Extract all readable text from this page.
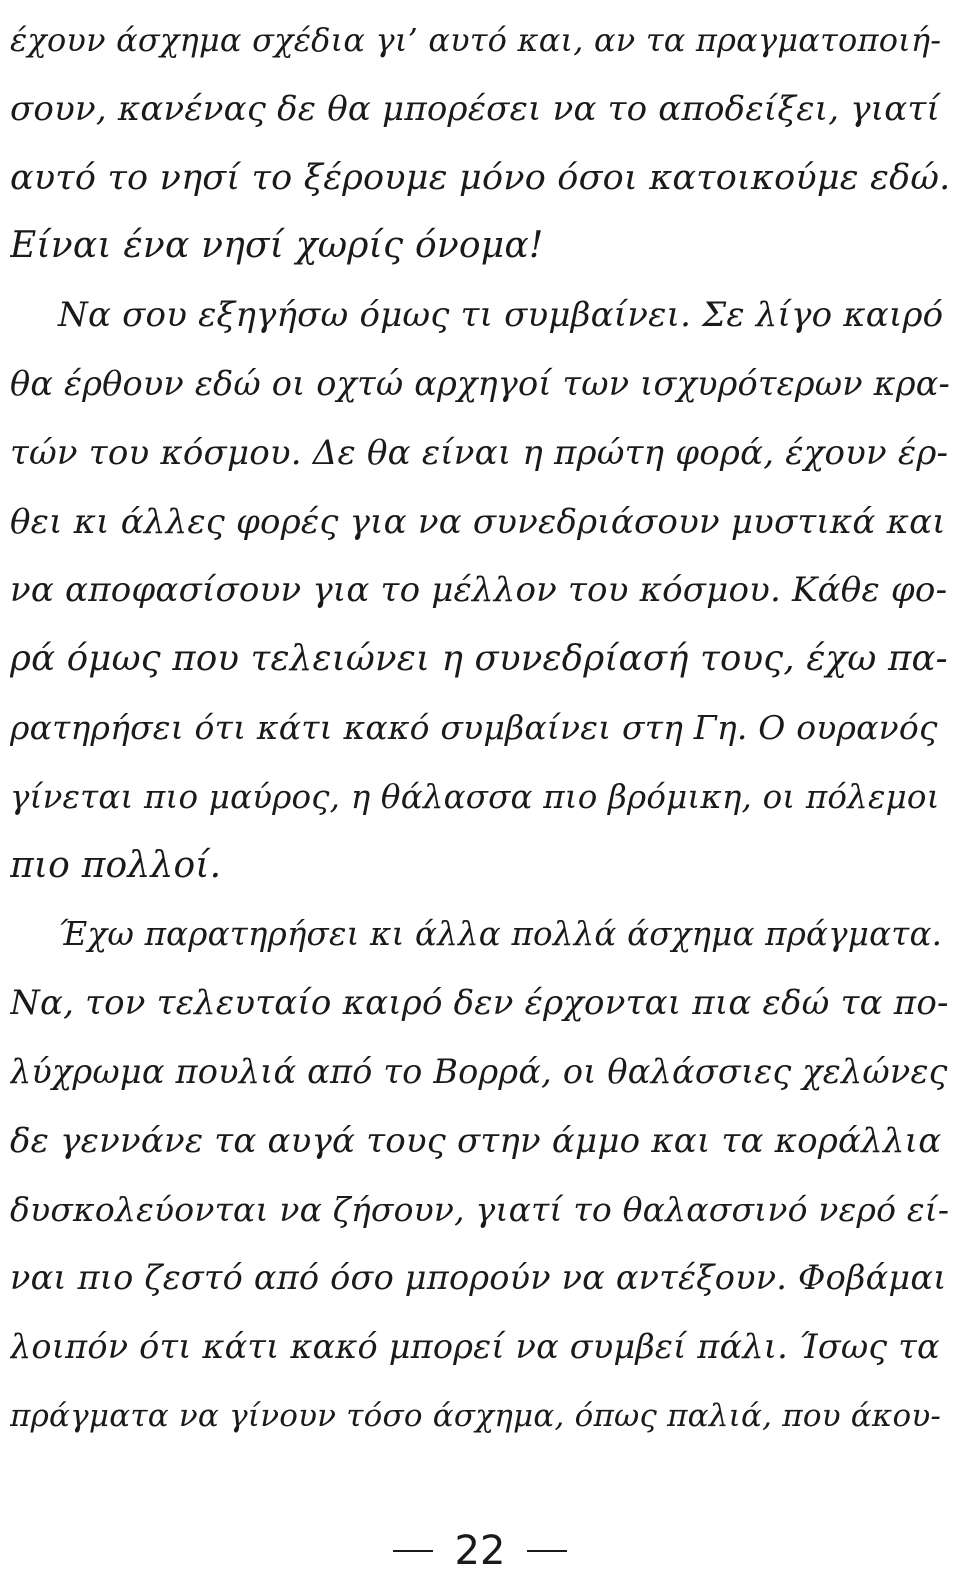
έχουν άσχημα σχέδια γι’ αυτό και, αν τα πραγματοποιή-
σουν, κανένας δε θα μπορέσει να το αποδείξει, γιατί
αυτό το νησί το ξέρουμε μόνο όσοι κατοικούμε εδώ.
Είναι ένα νησί χωρίς όνομα!
Να σου εξηγήσω όμως τι συμβαίνει. Σε λίγο καιρό
θα έρθουν εδώ οι οχτώ αρχηγοί των ισχυρότερων κρα-
τών του κόσμου. Δε θα είναι η πρώτη φορά, έχουν έρ-
θει κι άλλες φορές για να συνεδριάσουν μυστικά και
να αποφασίσουν για το μέλλον του κόσμου. Κάθε φο-
ρά όμως που τελειώνει η συνεδρίασή τους, έχω πα-
ρατηρήσει ότι κάτι κακό συμβαίνει στη Γη. Ο ουρανός
γίνεται πιο μαύρος, η θάλασσα πιο βρόμικη, οι πόλεμοι
πιο πολλοί.
Έχω παρατηρήσει κι άλλα πολλά άσχημα πράγματα.
Να, τον τελευταίο καιρό δεν έρχονται πια εδώ τα πο-
λύχρωμα πουλιά από το Βορρά, οι θαλάσσιες χελώνες
δε γεννάνε τα αυγά τους στην άμμο και τα κοράλλια
δυσκολεύονται να ζήσουν, γιατί το θαλασσινό νερό εί-
ναι πιο ζεστό από όσο μπορούν να αντέξουν. Φοβάμαι
λοιπόν ότι κάτι κακό μπορεί να συμβεί πάλι. Ίσως τα
πράγματα να γίνουν τόσο άσχημα, όπως παλιά, που άκου-
22
